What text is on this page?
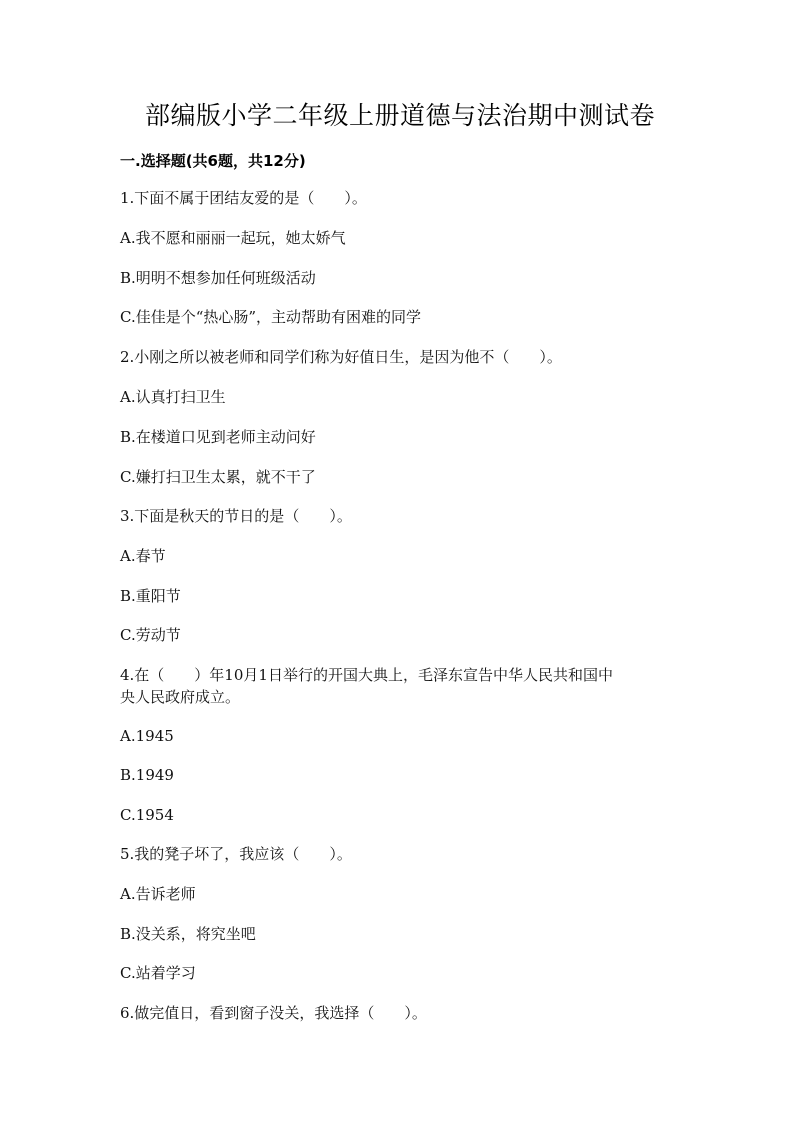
部编版小学二年级上册道德与法治期中测试卷
一.选择题(共6题，共12分)
1.下面不属于团结友爱的是（　　）。
A.我不愿和丽丽一起玩，她太娇气
B.明明不想参加任何班级活动
C.佳佳是个“热心肠”，主动帮助有困难的同学
2.小刚之所以被老师和同学们称为好值日生，是因为他不（　　）。
A.认真打扫卫生
B.在楼道口见到老师主动问好
C.嫌打扫卫生太累，就不干了
3.下面是秋天的节日的是（　　）。
A.春节
B.重阳节
C.劳动节
4.在（　　）年10月1日举行的开国大典上，毛泽东宣告中华人民共和国中
央人民政府成立。
A.1945
B.1949
C.1954
5.我的凳子坏了，我应该（　　）。
A.告诉老师
B.没关系，将究坐吧
C.站着学习
6.做完值日，看到窗子没关，我选择（　　）。
